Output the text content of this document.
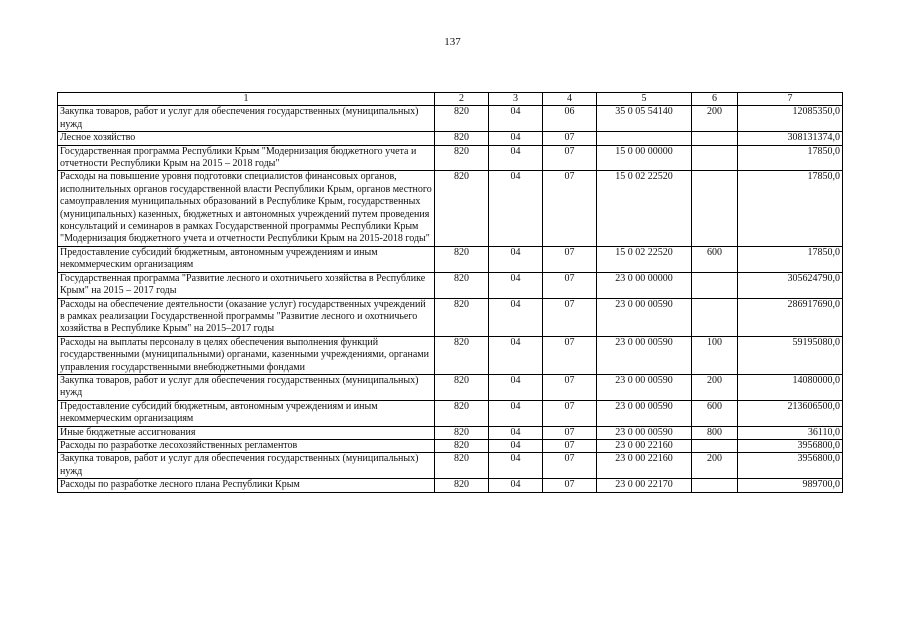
137
1	2	3	4	5	6	7
Закупка товаров, работ и услуг для обеспечения государственных (муниципальных) нужд	820	04	06	35 0 05 54140	200	12085350,0
Лесное хозяйство	820	04	07			308131374,0
Государственная программа Республики Крым "Модернизация бюджетного учета и отчетности Республики Крым на 2015 – 2018 годы"	820	04	07	15 0 00 00000		17850,0
Расходы на повышение уровня подготовки специалистов финансовых органов, исполнительных органов государственной власти Республики Крым, органов местного самоуправления муниципальных образований в Республике Крым, государственных (муниципальных) казенных, бюджетных и автономных учреждений путем проведения консультаций и семинаров в рамках Государственной программы Республики Крым "Модернизация бюджетного учета и отчетности Республики Крым на 2015-2018 годы"	820	04	07	15 0 02 22520		17850,0
Предоставление субсидий бюджетным, автономным учреждениям и иным некоммерческим организациям	820	04	07	15 0 02 22520	600	17850,0
Государственная программа "Развитие лесного и охотничьего хозяйства в Республике Крым" на 2015 – 2017 годы	820	04	07	23 0 00 00000		305624790,0
Расходы на обеспечение деятельности (оказание услуг) государственных учреждений в рамках реализации Государственной программы "Развитие лесного и охотничьего хозяйства в Республике Крым" на 2015–2017 годы	820	04	07	23 0 00 00590		286917690,0
Расходы на выплаты персоналу в целях обеспечения выполнения функций государственными (муниципальными) органами, казенными учреждениями, органами управления государственными внебюджетными фондами	820	04	07	23 0 00 00590	100	59195080,0
Закупка товаров, работ и услуг для обеспечения государственных (муниципальных) нужд	820	04	07	23 0 00 00590	200	14080000,0
Предоставление субсидий бюджетным, автономным учреждениям и иным некоммерческим организациям	820	04	07	23 0 00 00590	600	213606500,0
Иные бюджетные ассигнования	820	04	07	23 0 00 00590	800	36110,0
Расходы по разработке лесохозяйственных регламентов	820	04	07	23 0 00 22160		3956800,0
Закупка товаров, работ и услуг для обеспечения государственных (муниципальных) нужд	820	04	07	23 0 00 22160	200	3956800,0
Расходы по разработке лесного плана Республики Крым	820	04	07	23 0 00 22170		989700,0
